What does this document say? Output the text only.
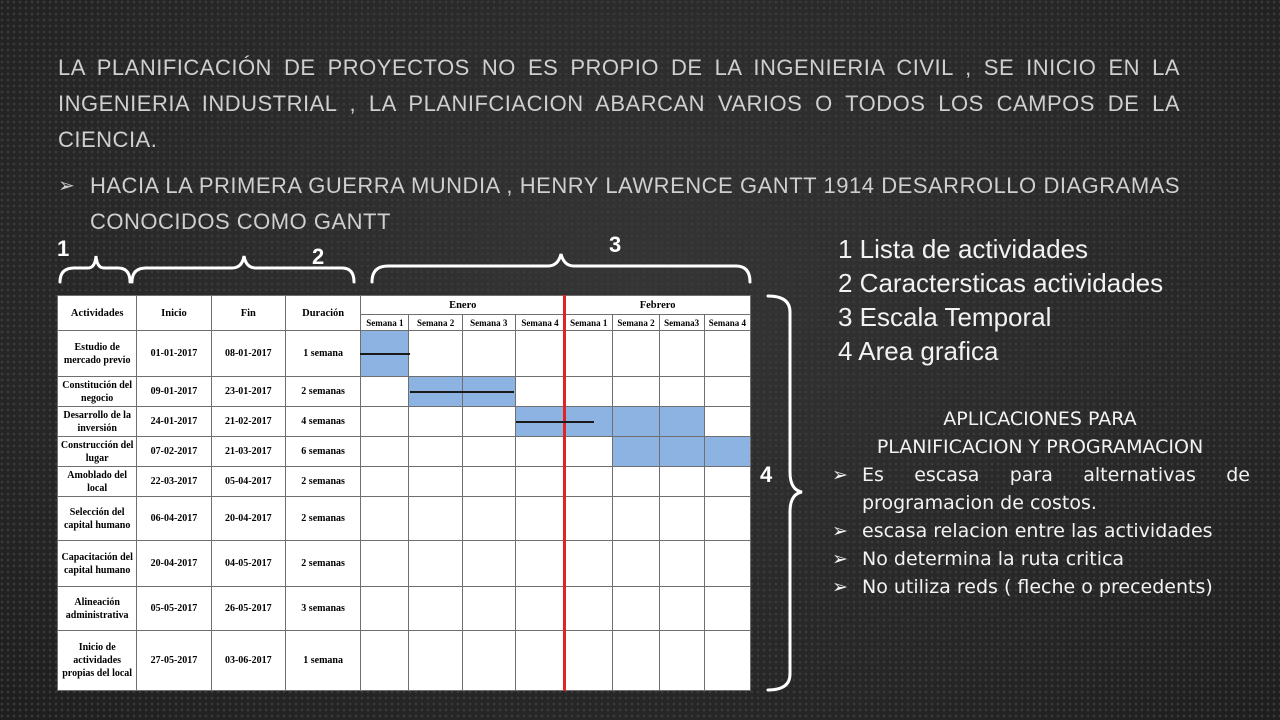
LA PLANIFICACIÓN DE PROYECTOS NO ES PROPIO DE LA INGENIERIA CIVIL , SE INICIO EN LA INGENIERIA INDUSTRIAL , LA PLANIFCIACION ABARCAN VARIOS O TODOS LOS CAMPOS DE LA CIENCIA.
➢ HACIA LA PRIMERA GUERRA MUNDIA , HENRY LAWRENCE GANTT 1914 DESARROLLO DIAGRAMAS CONOCIDOS COMO GANTT
1	2	3
4
Actividades	Inicio	Fin	Duración	Enero				Febrero			
				Semana 1	Semana 2	Semana 3	Semana 4	Semana 1	Semana 2	Semana3	Semana 4
Estudio de mercado previo	01-01-2017	08-01-2017	1 semana								
Constitución del negocio	09-01-2017	23-01-2017	2 semanas								
Desarrollo de la inversión	24-01-2017	21-02-2017	4 semanas								
Construcción del lugar	07-02-2017	21-03-2017	6 semanas								
Amoblado del local	22-03-2017	05-04-2017	2 semanas								
Selección del capital humano	06-04-2017	20-04-2017	2 semanas								
Capacitación del capital humano	20-04-2017	04-05-2017	2 semanas								
Alineación administrativa	05-05-2017	26-05-2017	3 semanas								
Inicio de actividades propias del local	27-05-2017	03-06-2017	1 semana								
1 Lista de actividades
2 Caractersticas actividades
3 Escala Temporal
4 Area grafica
APLICACIONES PARA
PLANIFICACION Y PROGRAMACION
➢ Es escasa para alternativas de programacion de costos.
➢ escasa relacion entre las actividades
➢ No determina la ruta critica
➢ No utiliza reds ( fleche o precedents)
